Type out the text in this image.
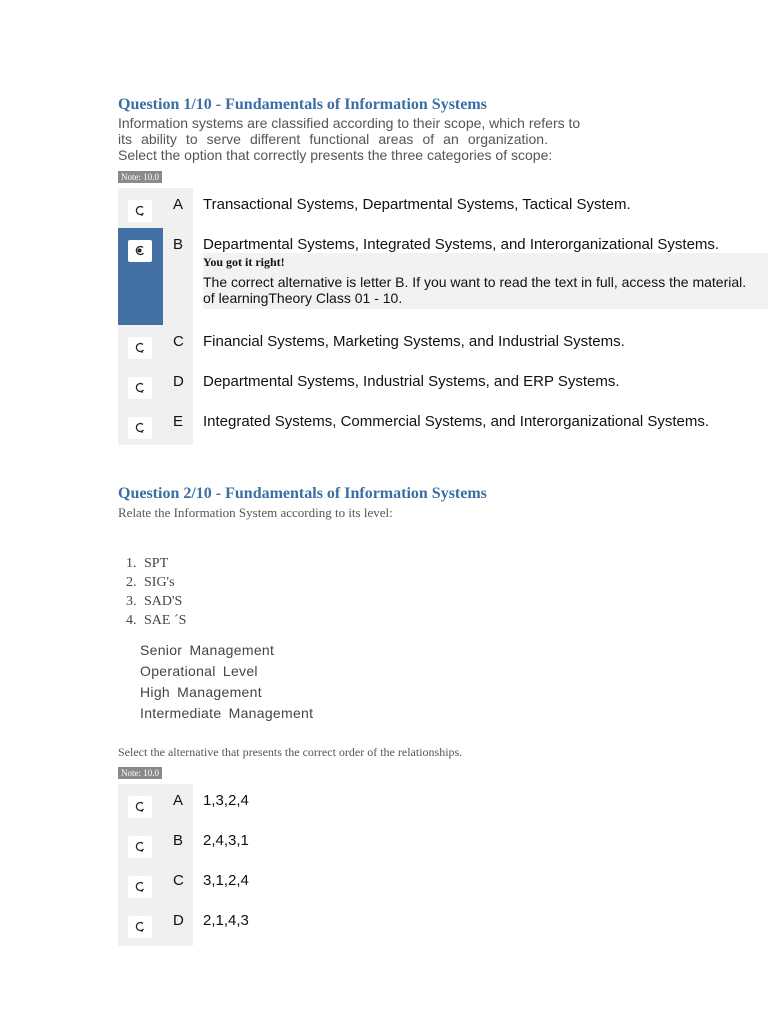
Question 1/10 - Fundamentals of Information Systems

Information systems are classified according to their scope, which refers to

its ability to serve different functional areas of an organization.

Select the option that correctly presents the three categories of scope:

Note: 10.0
A Transactional Systems, Departmental Systems, Tactical System.
B Departmental Systems, Integrated Systems, and Interorganizational Systems.
You got it right!

The correct alternative is letter B. If you want to read the text in full, access the material.

of learningTheory Class 01 - 10.

C Financial Systems, Marketing Systems, and Industrial Systems.
D Departmental Systems, Industrial Systems, and ERP Systems.
E Integrated Systems, Commercial Systems, and Interorganizational Systems.
Question 2/10 - Fundamentals of Information Systems
Relate the Information System according to its level:
1. SPT
2. SIG's
3. SAD'S
4. SAE ´S
Senior Management
Operational Level
High Management
Intermediate Management
Select the alternative that presents the correct order of the relationships.
Note: 10.0
A 1,3,2,4
B 2,4,3,1
C 3,1,2,4
D 2,1,4,3
